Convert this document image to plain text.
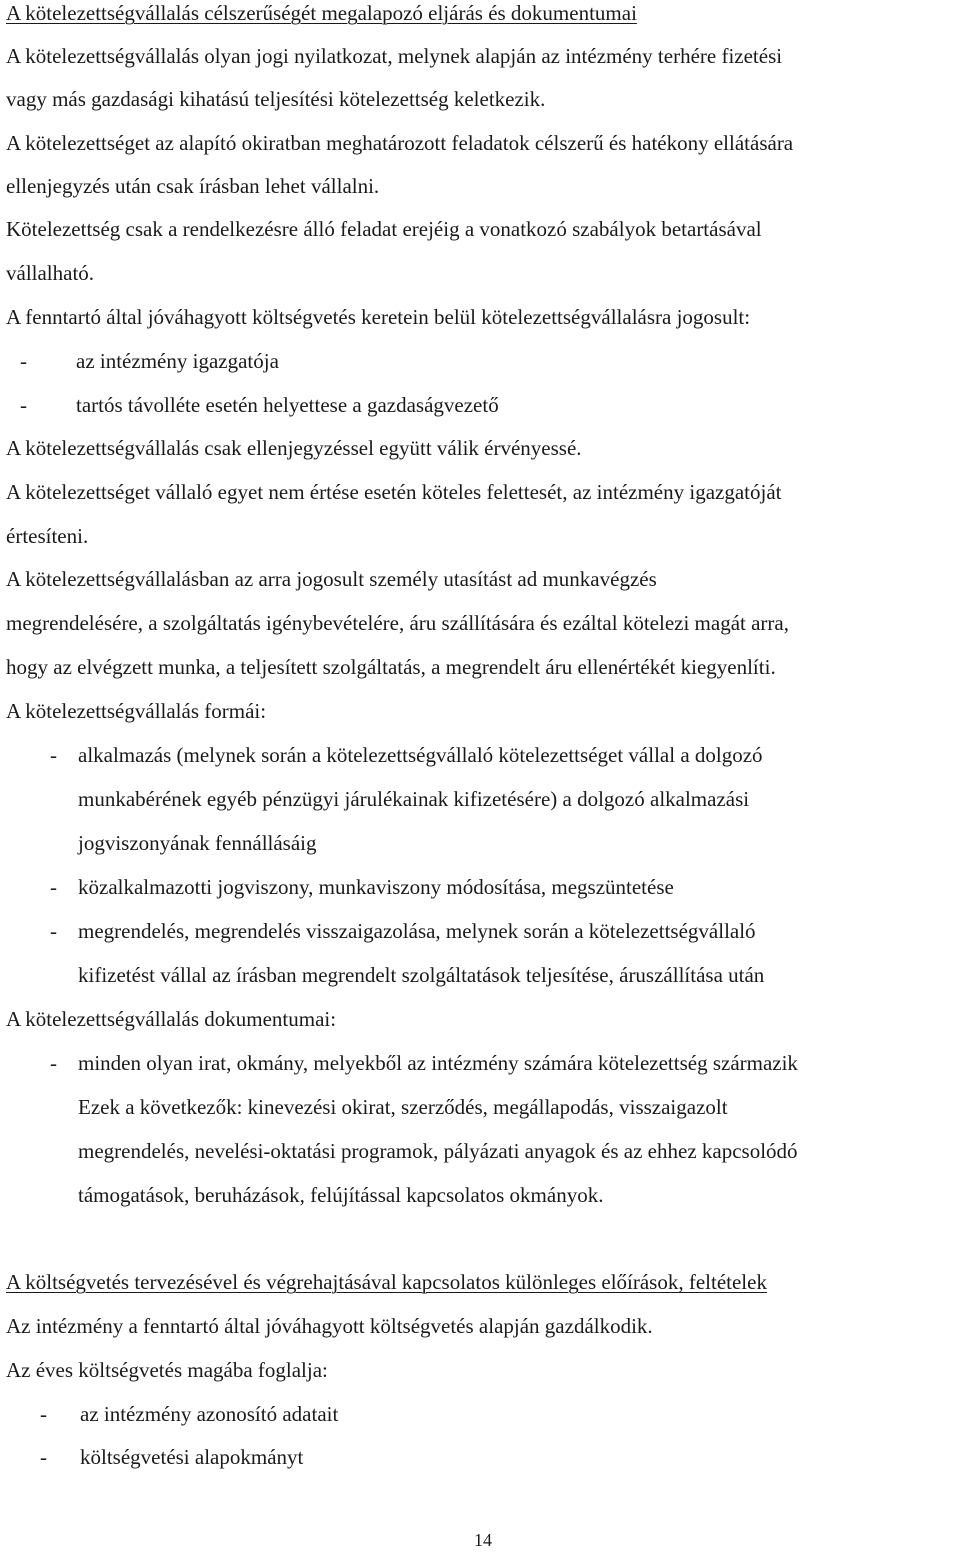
A kötelezettségvállalás célszerűségét megalapozó eljárás és dokumentumai
A kötelezettségvállalás olyan jogi nyilatkozat, melynek alapján az intézmény terhére fizetési
vagy más gazdasági kihatású teljesítési kötelezettség keletkezik.
A kötelezettséget az alapító okiratban meghatározott feladatok célszerű és hatékony ellátására
ellenjegyzés után csak írásban lehet vállalni.
Kötelezettség csak a rendelkezésre álló feladat erejéig a vonatkozó szabályok betartásával
vállalható.
A fenntartó által jóváhagyott költségvetés keretein belül kötelezettségvállalásra jogosult:
- az intézmény igazgatója
- tartós távolléte esetén helyettese a gazdaságvezető
A kötelezettségvállalás csak ellenjegyzéssel együtt válik érvényessé.
A kötelezettséget vállaló egyet nem értése esetén köteles felettesét, az intézmény igazgatóját
értesíteni.
A kötelezettségvállalásban az arra jogosult személy utasítást ad munkavégzés
megrendelésére, a szolgáltatás igénybevételére, áru szállítására és ezáltal kötelezi magát arra,
hogy az elvégzett munka, a teljesített szolgáltatás, a megrendelt áru ellenértékét kiegyenlíti.
A kötelezettségvállalás formái:
- alkalmazás (melynek során a kötelezettségvállaló kötelezettséget vállal a dolgozó
munkabérének egyéb pénzügyi járulékainak kifizetésére) a dolgozó alkalmazási
jogviszonyának fennállásáig
- közalkalmazotti jogviszony, munkaviszony módosítása, megszüntetése
- megrendelés, megrendelés visszaigazolása, melynek során a kötelezettségvállaló
kifizetést vállal az írásban megrendelt szolgáltatások teljesítése, áruszállítása után
A kötelezettségvállalás dokumentumai:
- minden olyan irat, okmány, melyekből az intézmény számára kötelezettség származik
Ezek a következők: kinevezési okirat, szerződés, megállapodás, visszaigazolt
megrendelés, nevelési-oktatási programok, pályázati anyagok és az ehhez kapcsolódó
támogatások, beruházások, felújítással kapcsolatos okmányok.
A költségvetés tervezésével és végrehajtásával kapcsolatos különleges előírások, feltételek
Az intézmény a fenntartó által jóváhagyott költségvetés alapján gazdálkodik.
Az éves költségvetés magába foglalja:
- az intézmény azonosító adatait
- költségvetési alapokmányt
14
